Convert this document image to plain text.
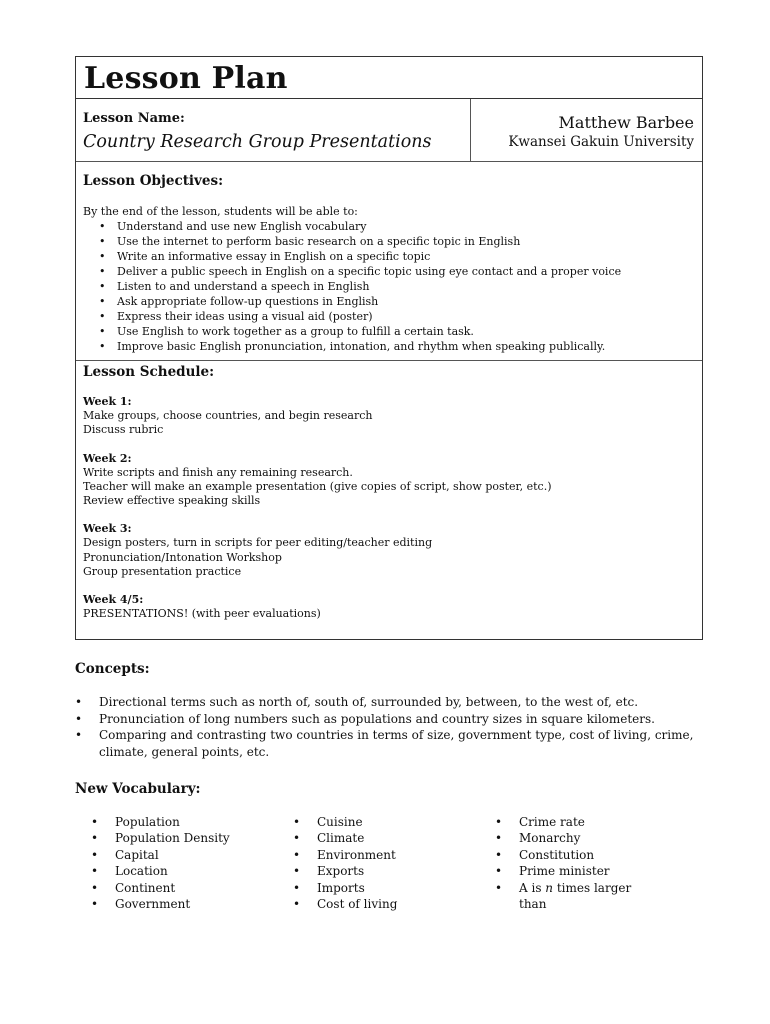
Lesson Plan
Lesson Name:
Country Research Group Presentations
Matthew Barbee
Kwansei Gakuin University
Lesson Objectives:
By the end of the lesson, students will be able to:
• Understand and use new English vocabulary
• Use the internet to perform basic research on a specific topic in English
• Write an informative essay in English on a specific topic
• Deliver a public speech in English on a specific topic using eye contact and a proper voice
• Listen to and understand a speech in English
• Ask appropriate follow-up questions in English
• Express their ideas using a visual aid (poster)
• Use English to work together as a group to fulfill a certain task.
• Improve basic English pronunciation, intonation, and rhythm when speaking publically.
Lesson Schedule:
Week 1:
Make groups, choose countries, and begin research
Discuss rubric
Week 2:
Write scripts and finish any remaining research.
Teacher will make an example presentation (give copies of script, show poster, etc.)
Review effective speaking skills
Week 3:
Design posters, turn in scripts for peer editing/teacher editing
Pronunciation/Intonation Workshop
Group presentation practice
Week 4/5:
PRESENTATIONS! (with peer evaluations)
Concepts:
• Directional terms such as north of, south of, surrounded by, between, to the west of, etc.
• Pronunciation of long numbers such as populations and country sizes in square kilometers.
• Comparing and contrasting two countries in terms of size, government type, cost of living, crime, climate, general points, etc.
New Vocabulary:
• Population
• Population Density
• Capital
• Location
• Continent
• Government
• Cuisine
• Climate
• Environment
• Exports
• Imports
• Cost of living
• Crime rate
• Monarchy
• Constitution
• Prime minister
• A is n times larger than
